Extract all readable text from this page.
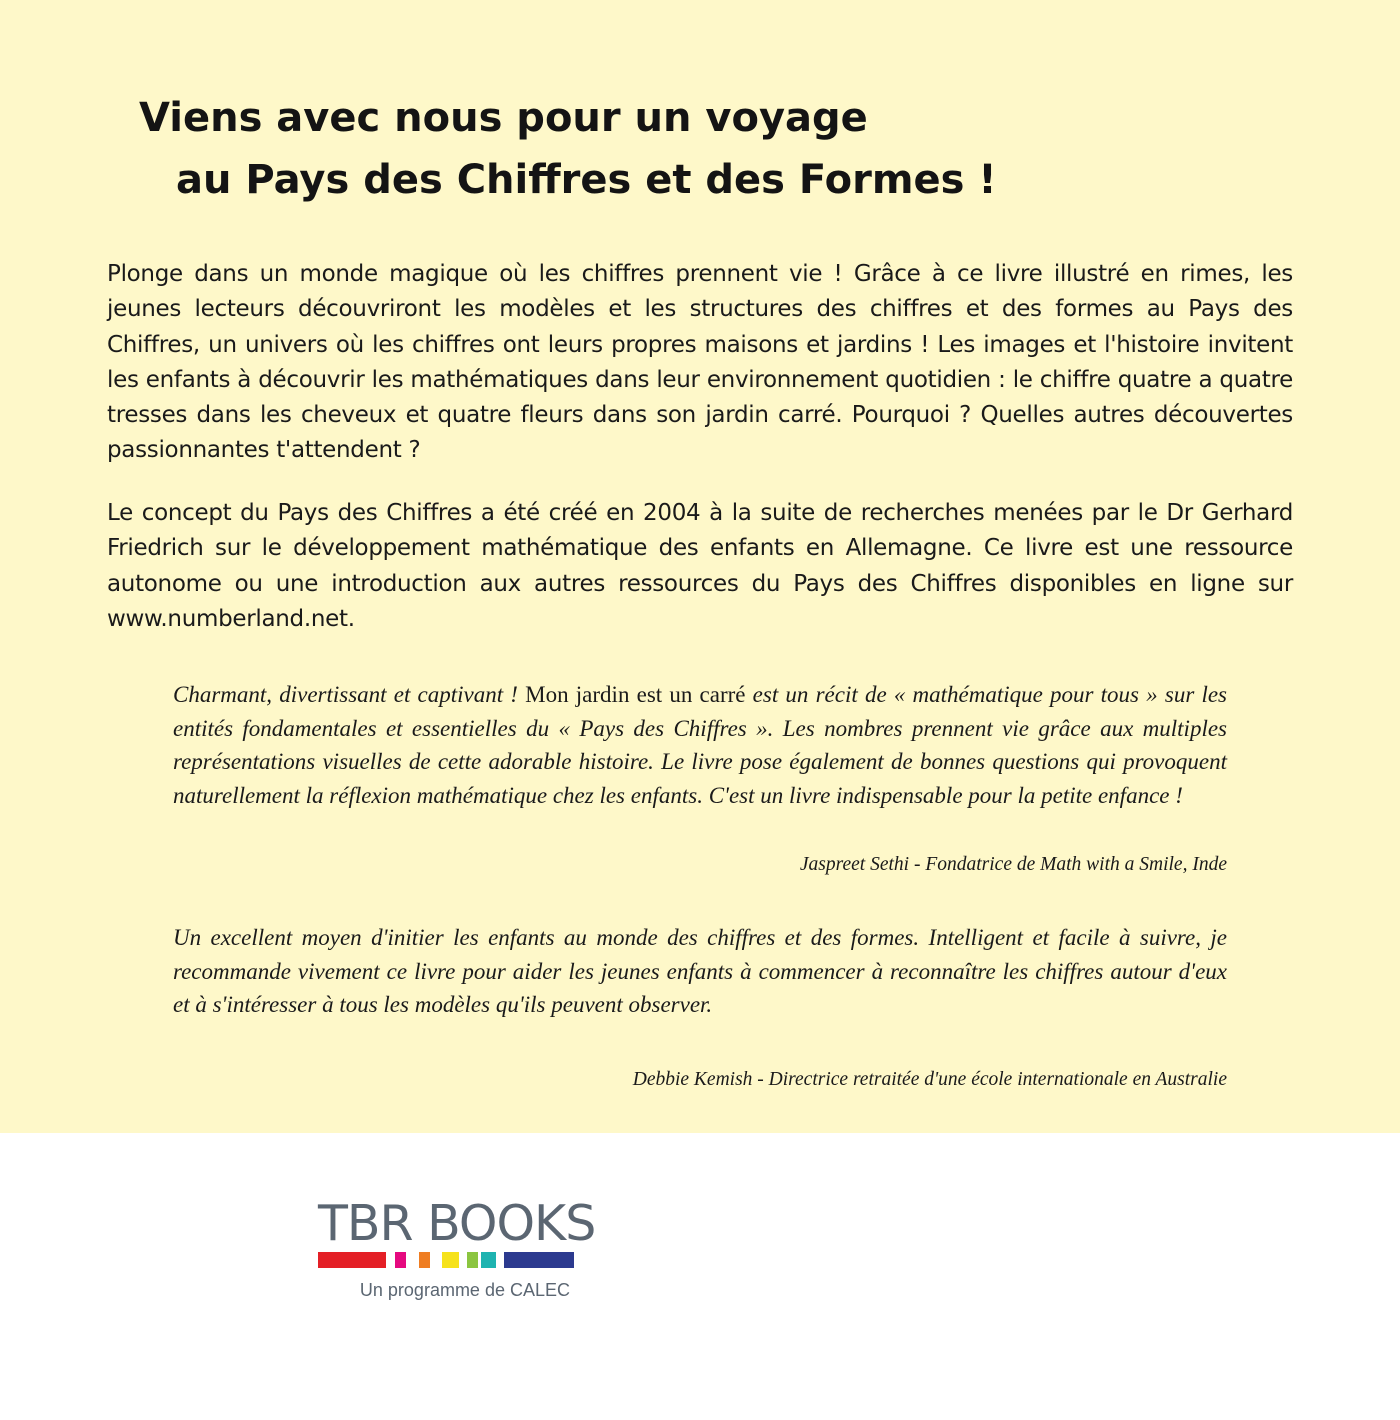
Viens avec nous pour un voyage
au Pays des Chiffres et des Formes !

Plonge dans un monde magique où les chiffres prennent vie ! Grâce à ce livre illustré en rimes, les jeunes lecteurs découvriront les modèles et les structures des chiffres et des formes au Pays des Chiffres, un univers où les chiffres ont leurs propres maisons et jardins ! Les images et l'histoire invitent les enfants à découvrir les mathématiques dans leur environnement quotidien : le chiffre quatre a quatre tresses dans les cheveux et quatre fleurs dans son jardin carré. Pourquoi ? Quelles autres découvertes passionnantes t'attendent ?

Le concept du Pays des Chiffres a été créé en 2004 à la suite de recherches menées par le Dr Gerhard Friedrich sur le développement mathématique des enfants en Allemagne. Ce livre est une ressource autonome ou une introduction aux autres ressources du Pays des Chiffres disponibles en ligne sur www.numberland.net.

Charmant, divertissant et captivant ! Mon jardin est un carré est un récit de « mathématique pour tous » sur les entités fondamentales et essentielles du « Pays des Chiffres ». Les nombres prennent vie grâce aux multiples représentations visuelles de cette adorable histoire. Le livre pose également de bonnes questions qui provoquent naturellement la réflexion mathématique chez les enfants. C'est un livre indispensable pour la petite enfance !

Jaspreet Sethi - Fondatrice de Math with a Smile, Inde

Un excellent moyen d'initier les enfants au monde des chiffres et des formes. Intelligent et facile à suivre, je recommande vivement ce livre pour aider les jeunes enfants à commencer à reconnaître les chiffres autour d'eux et à s'intéresser à tous les modèles qu'ils peuvent observer.

Debbie Kemish - Directrice retraitée d'une école internationale en Australie

TBR BOOKS
Un programme de CALEC
